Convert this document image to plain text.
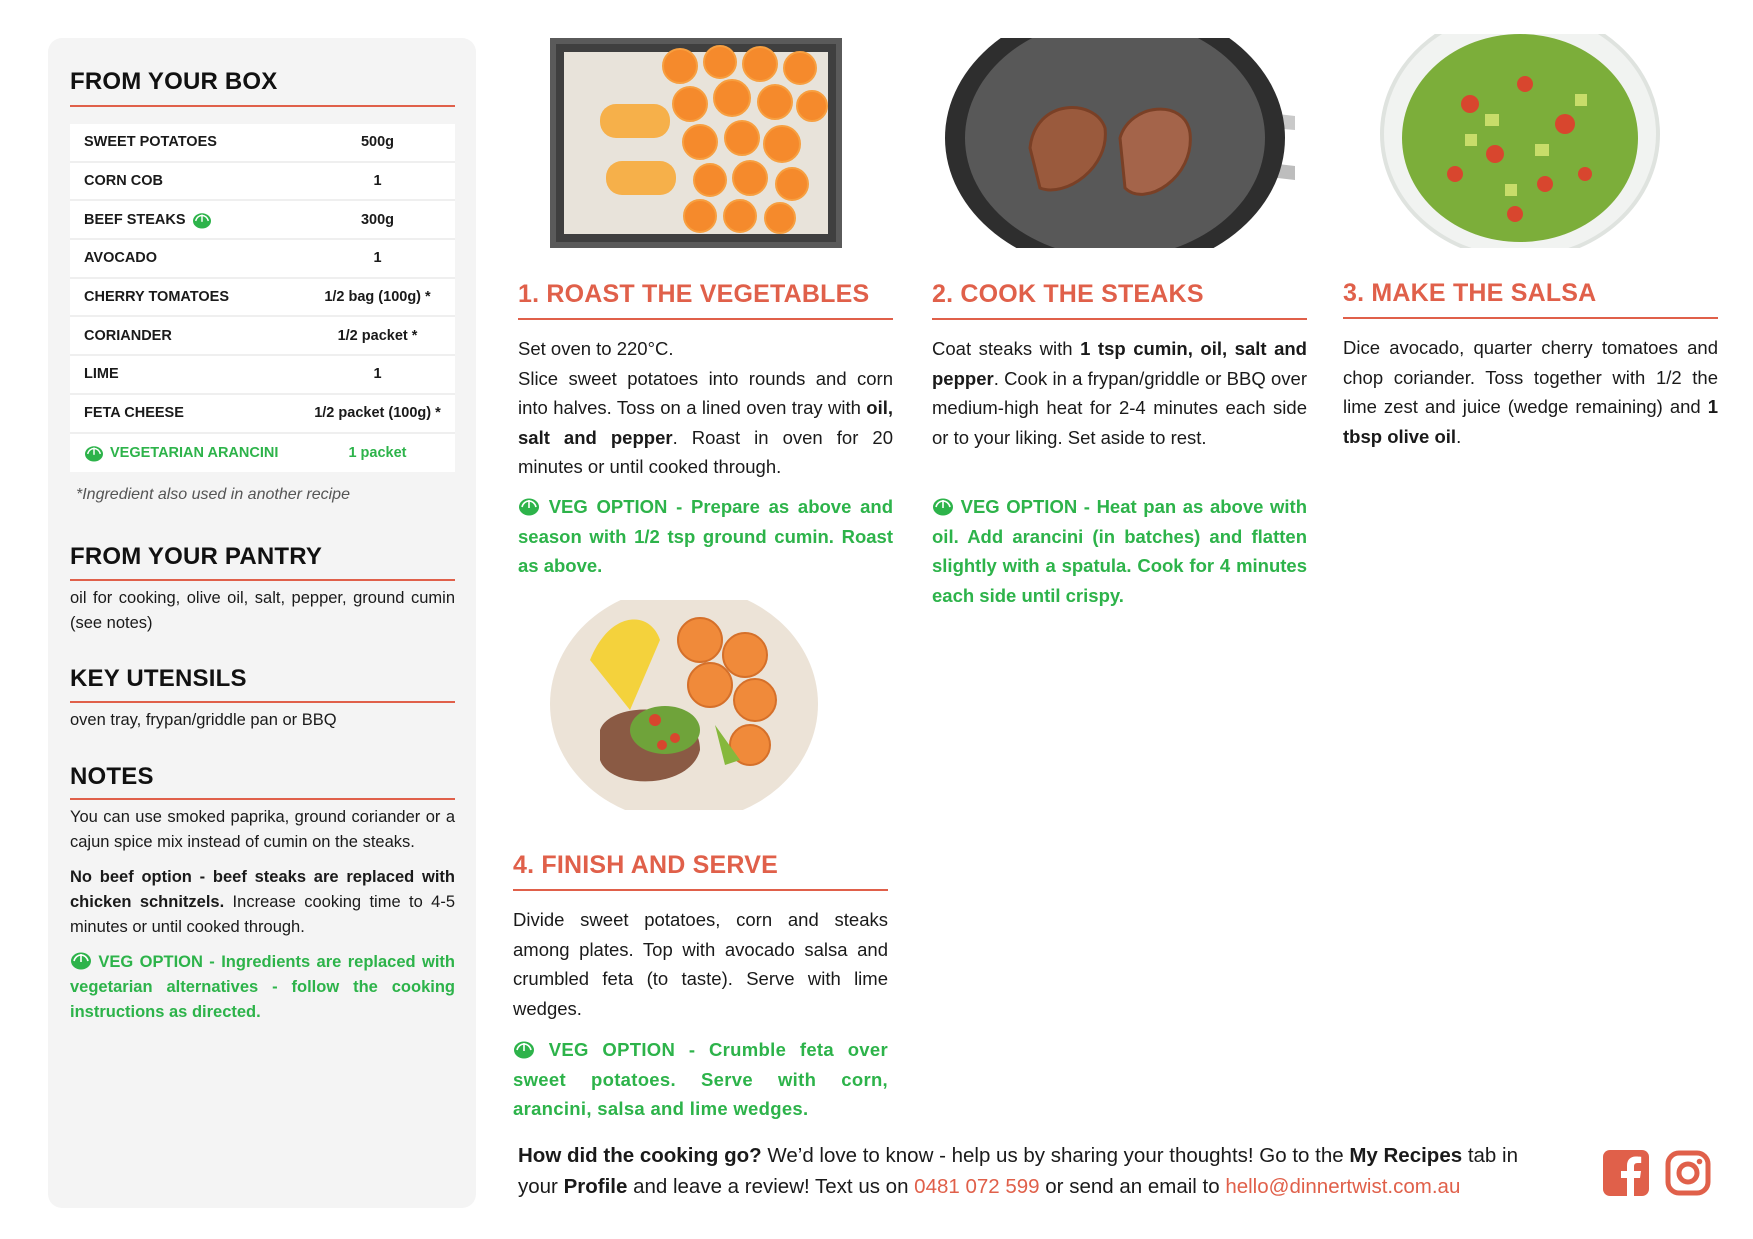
FROM YOUR BOX
SWEET POTATOES	500g
CORN COB	1
BEEF STEAKS	300g
AVOCADO	1
CHERRY TOMATOES	1/2 bag (100g) *
CORIANDER	1/2 packet *
LIME	1
FETA CHEESE	1/2 packet (100g) *
VEGETARIAN ARANCINI	1 packet
*Ingredient also used in another recipe
FROM YOUR PANTRY
oil for cooking, olive oil, salt, pepper, ground cumin (see notes)
KEY UTENSILS
oven tray, frypan/griddle pan or BBQ
NOTES
You can use smoked paprika, ground coriander or a cajun spice mix instead of cumin on the steaks.
No beef option - beef steaks are replaced with chicken schnitzels. Increase cooking time to 4-5 minutes or until cooked through.
VEG OPTION - Ingredients are replaced with vegetarian alternatives - follow the cooking instructions as directed.
1. ROAST THE VEGETABLES
Set oven to 220°C.
Slice sweet potatoes into rounds and corn into halves. Toss on a lined oven tray with oil, salt and pepper. Roast in oven for 20 minutes or until cooked through.
VEG OPTION - Prepare as above and season with 1/2 tsp ground cumin. Roast as above.
2. COOK THE STEAKS
Coat steaks with 1 tsp cumin, oil, salt and pepper. Cook in a frypan/griddle or BBQ over medium-high heat for 2-4 minutes each side or to your liking. Set aside to rest.
VEG OPTION - Heat pan as above with oil. Add arancini (in batches) and flatten slightly with a spatula. Cook for 4 minutes each side until crispy.
3. MAKE THE SALSA
Dice avocado, quarter cherry tomatoes and chop coriander. Toss together with 1/2 the lime zest and juice (wedge remaining) and 1 tbsp olive oil.
4. FINISH AND SERVE
Divide sweet potatoes, corn and steaks among plates. Top with avocado salsa and crumbled feta (to taste). Serve with lime wedges.
VEG OPTION - Crumble feta over sweet potatoes. Serve with corn, arancini, salsa and lime wedges.
How did the cooking go? We’d love to know - help us by sharing your thoughts! Go to the My Recipes tab in your Profile and leave a review! Text us on 0481 072 599 or send an email to hello@dinnertwist.com.au
